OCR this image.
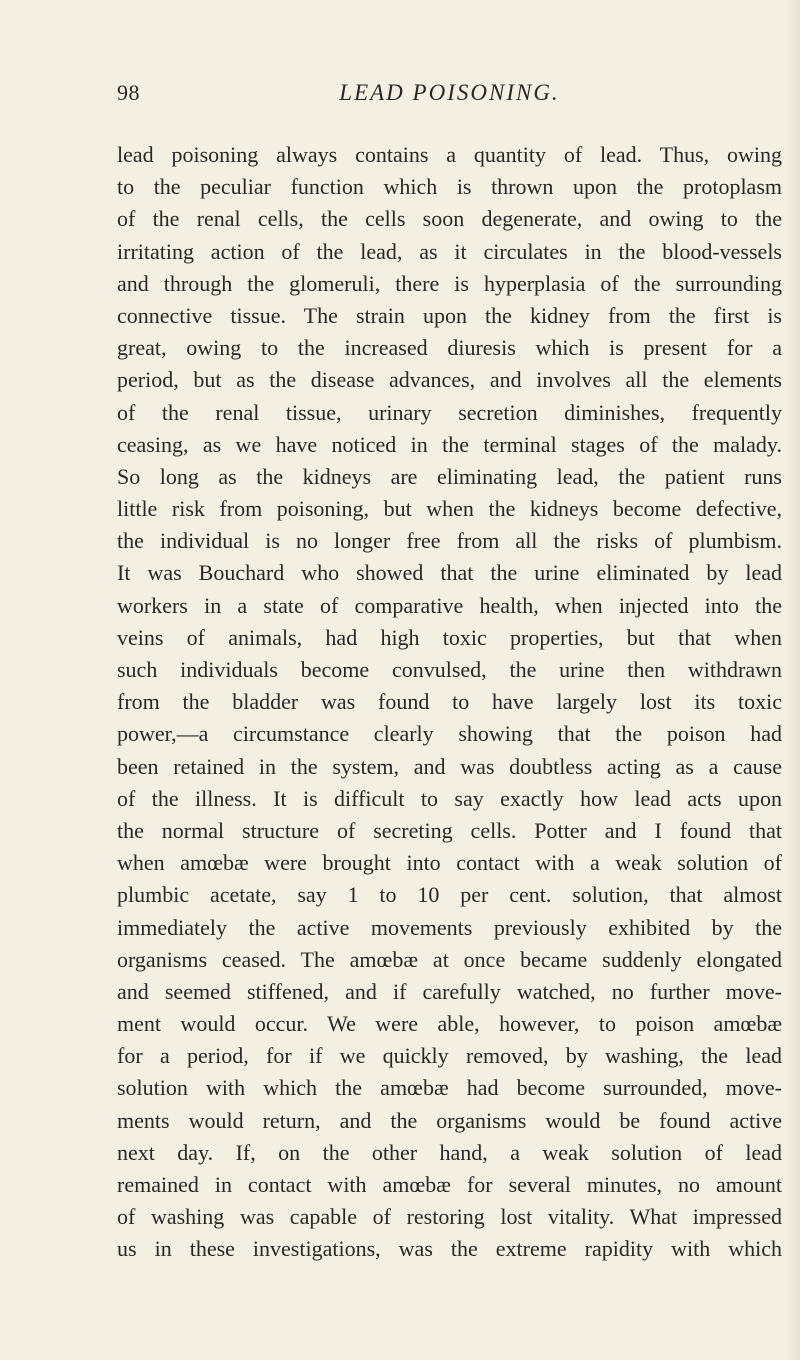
98	LEAD POISONING.
lead poisoning always contains a quantity of lead. Thus, owing
to the peculiar function which is thrown upon the protoplasm
of the renal cells, the cells soon degenerate, and owing to the
irritating action of the lead, as it circulates in the blood-vessels
and through the glomeruli, there is hyperplasia of the surrounding
connective tissue. The strain upon the kidney from the first is
great, owing to the increased diuresis which is present for a
period, but as the disease advances, and involves all the elements
of the renal tissue, urinary secretion diminishes, frequently
ceasing, as we have noticed in the terminal stages of the malady.
So long as the kidneys are eliminating lead, the patient runs
little risk from poisoning, but when the kidneys become defective,
the individual is no longer free from all the risks of plumbism.
It was Bouchard who showed that the urine eliminated by lead
workers in a state of comparative health, when injected into the
veins of animals, had high toxic properties, but that when
such individuals become convulsed, the urine then withdrawn
from the bladder was found to have largely lost its toxic
power,—a circumstance clearly showing that the poison had
been retained in the system, and was doubtless acting as a cause
of the illness. It is difficult to say exactly how lead acts upon
the normal structure of secreting cells. Potter and I found that
when amœbæ were brought into contact with a weak solution of
plumbic acetate, say 1 to 10 per cent. solution, that almost
immediately the active movements previously exhibited by the
organisms ceased. The amœbæ at once became suddenly elongated
and seemed stiffened, and if carefully watched, no further move-
ment would occur. We were able, however, to poison amœbæ
for a period, for if we quickly removed, by washing, the lead
solution with which the amœbæ had become surrounded, move-
ments would return, and the organisms would be found active
next day. If, on the other hand, a weak solution of lead
remained in contact with amœbæ for several minutes, no amount
of washing was capable of restoring lost vitality. What impressed
us in these investigations, was the extreme rapidity with which
